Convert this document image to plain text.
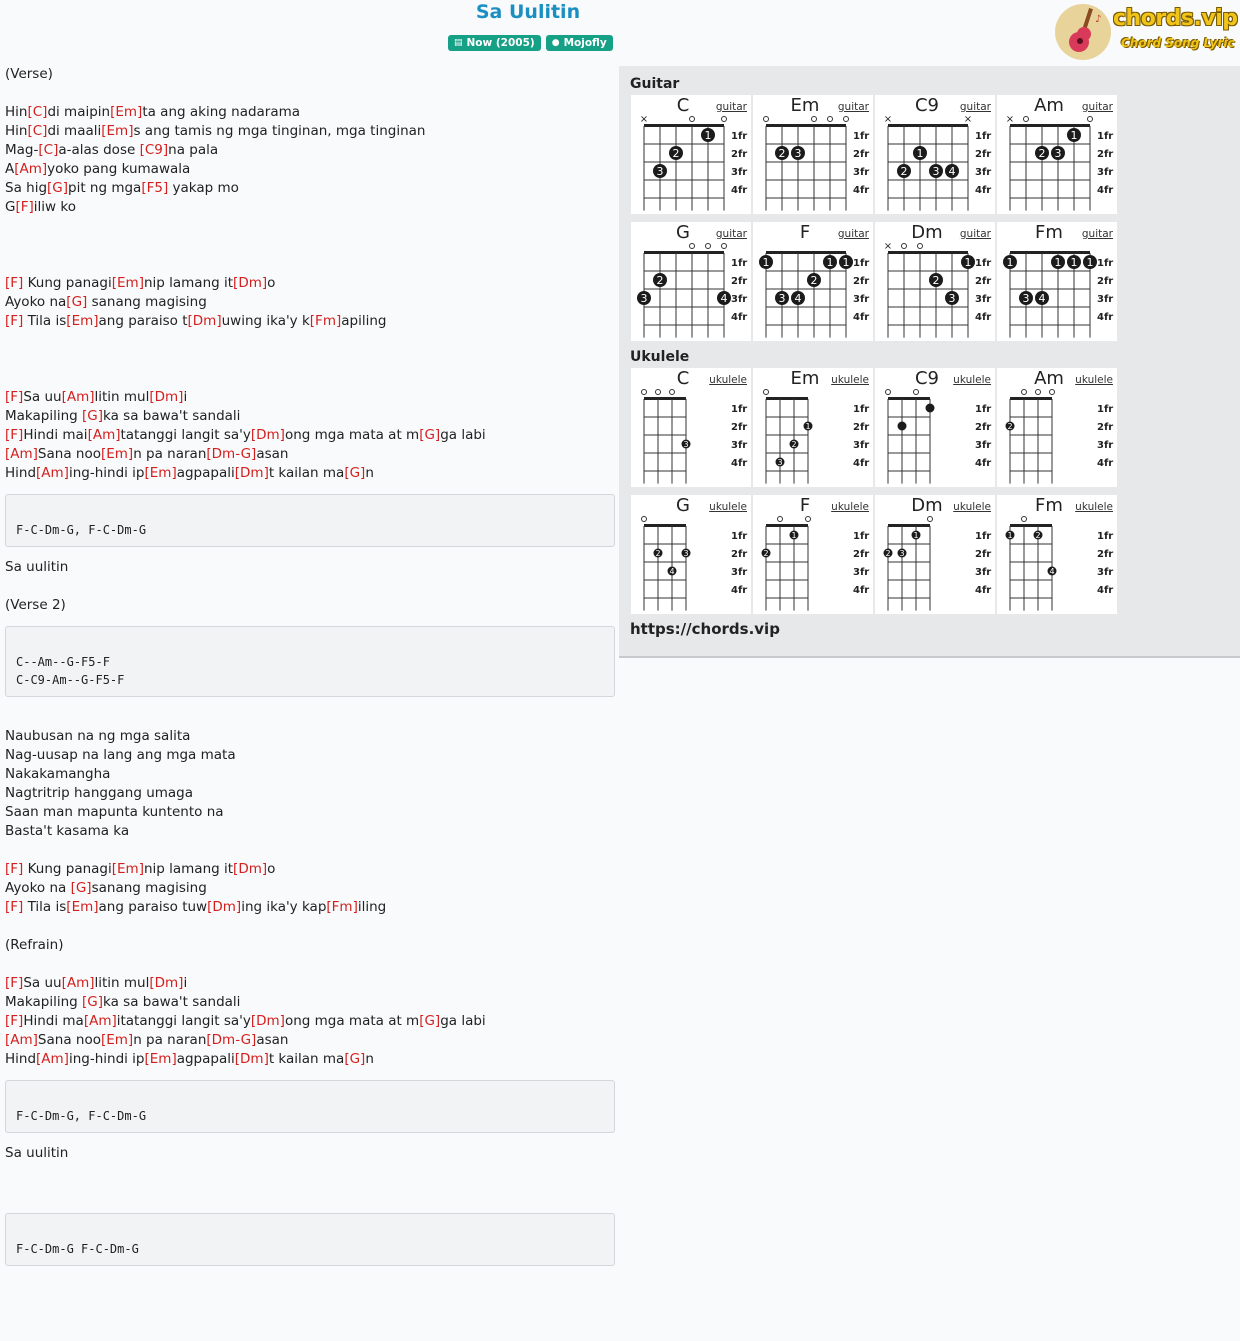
Sa Uulitin
▤ Now (2005) ● Mojofly
♪ chords.vip
Chord Song Lyric
(Verse)
Hin[C]di maipin[Em]ta ang aking nadarama
Hin[C]di maali[Em]s ang tamis ng mga tinginan, mga tinginan
Mag-[C]a-alas dose [C9]na pala
A[Am]yoko pang kumawala
Sa hig[G]pit ng mga[F5] yakap mo
G[F]iliw ko
[F] Kung panagi[Em]nip lamang it[Dm]o
Ayoko na[G] sanang magising
[F] Tila is[Em]ang paraiso t[Dm]uwing ika'y k[Fm]apiling
[F]Sa uu[Am]litin mul[Dm]i
Makapiling [G]ka sa bawa't sandali
[F]Hindi mai[Am]tatanggi langit sa'y[Dm]ong mga mata at m[G]ga labi
[Am]Sana noo[Em]n pa naran[Dm-G]asan
Hind[Am]ing-hindi ip[Em]agpapali[Dm]t kailan ma[G]n
F-C-Dm-G, F-C-Dm-G
Sa uulitin
(Verse 2)
C--Am--G-F5-F
C-C9-Am--G-F5-F
Naubusan na ng mga salita
Nag-uusap na lang ang mga mata
Nakakamangha
Nagtritrip hanggang umaga
Saan man mapunta kuntento na
Basta't kasama ka
[F] Kung panagi[Em]nip lamang it[Dm]o
Ayoko na [G]sanang magising
[F] Tila is[Em]ang paraiso tuw[Dm]ing ika'y kap[Fm]iling
(Refrain)
[F]Sa uu[Am]litin mul[Dm]i
Makapiling [G]ka sa bawa't sandali
[F]Hindi ma[Am]itatanggi langit sa'y[Dm]ong mga mata at m[G]ga labi
[Am]Sana noo[Em]n pa naran[Dm-G]asan
Hind[Am]ing-hindi ip[Em]agpapali[Dm]t kailan ma[G]n
F-C-Dm-G, F-C-Dm-G
Sa uulitin
F-C-Dm-G F-C-Dm-G
Guitar
C	guitar
1fr
2fr
3fr
4fr
×
1
2
3
Em	guitar
1fr
2fr
3fr
4fr
2 3
C9	guitar
1fr
2fr
3fr
4fr
×	×
1
2 3 4
Am	guitar
1fr
2fr
3fr
4fr
×
1
2 3
G	guitar
1fr
2fr
3fr
4fr
2
3	4
F	guitar
1fr
2fr
3fr
4fr
1	1 1
2
3 4
Dm	guitar
1fr
2fr
3fr
4fr
×
1
2
3
Fm	guitar
1fr
2fr
3fr
4fr
1	1 1 1
3 4
Ukulele
C	ukulele
1fr
2fr
3fr
4fr
3
Em	ukulele
1fr
2fr
3fr
4fr
1
2
3
C9	ukulele
1fr
2fr
3fr
4fr
Am	ukulele
1fr
2fr
3fr
4fr
2
G	ukulele
1fr
2fr
3fr
4fr
2	3
4
F	ukulele
1fr
2fr
3fr
4fr
1
2
Dm ukulele
1fr
2fr
3fr
4fr
1
2 3
Fm	ukulele
1fr
2fr
3fr
4fr
1	2
4
https://chords.vip
